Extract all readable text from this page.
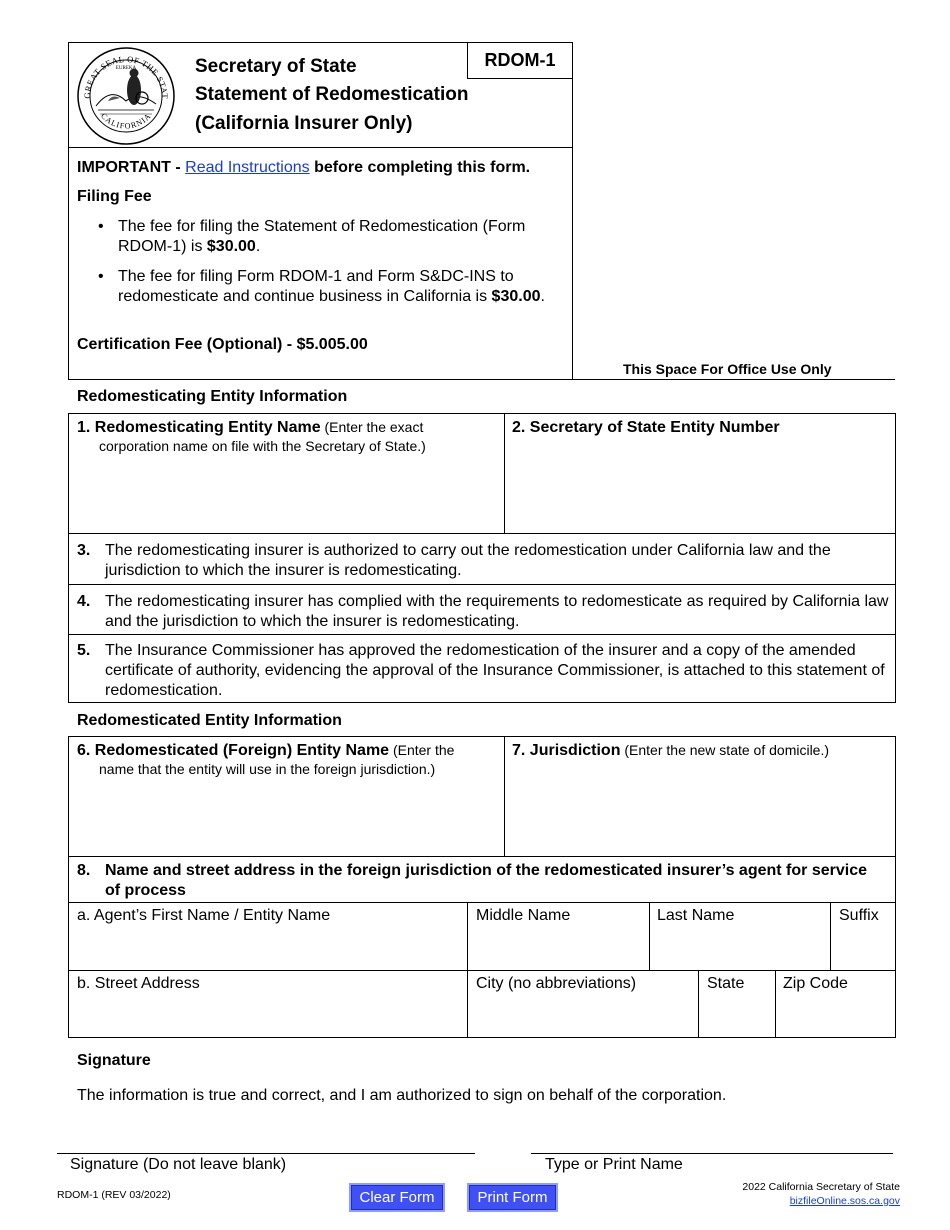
GREAT SEAL OF THE STAT
CALIFORNIA
EUREKA	Secretary of State
Statement of Redomestication
(California Insurer Only)
RDOM-1
IMPORTANT - Read Instructions before completing this form.
Filing Fee
• The fee for filing the Statement of Redomestication (Form RDOM-1) is $30.00.
• The fee for filing Form RDOM-1 and Form S&DC-INS to redomesticate and continue business in California is $30.00.
Certification Fee (Optional) - $5.005.00
This Space For Office Use Only
Redomesticating Entity Information
1. Redomesticating Entity Name (Enter the exact
corporation name on file with the Secretary of State.)
2. Secretary of State Entity Number
3. The redomesticating insurer is authorized to carry out the redomestication under California law and the jurisdiction to which the insurer is redomesticating.
4. The redomesticating insurer has complied with the requirements to redomesticate as required by California law and the jurisdiction to which the insurer is redomesticating.
5. The Insurance Commissioner has approved the redomestication of the insurer and a copy of the amended certificate of authority, evidencing the approval of the Insurance Commissioner, is attached to this statement of redomestication.
Redomesticated Entity Information
6. Redomesticated (Foreign) Entity Name (Enter the
name that the entity will use in the foreign jurisdiction.)
7. Jurisdiction (Enter the new state of domicile.)
8. Name and street address in the foreign jurisdiction of the redomesticated insurer’s agent for service of process
a. Agent’s First Name / Entity Name	Middle Name	Last Name	Suffix
b. Street Address	City (no abbreviations)	State Zip Code
Signature
The information is true and correct, and I am authorized to sign on behalf of the corporation.
Signature (Do not leave blank)	Type or Print Name
RDOM-1 (REV 03/2022)	Clear Form	Print Form
2022 California Secretary of State
bizfileOnline.sos.ca.gov
